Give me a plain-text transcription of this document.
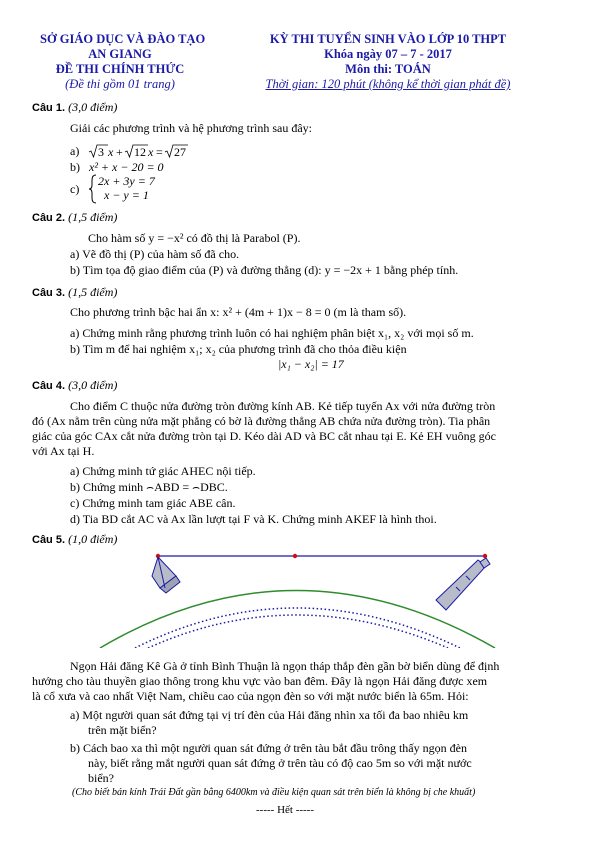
SỞ GIÁO DỤC VÀ ĐÀO TẠO
AN GIANG
ĐỀ THI CHÍNH THỨC
(Đề thi gồm 01 trang)
KỲ THI TUYỂN SINH VÀO LỚP 10 THPT
Khóa ngày 07 – 7 - 2017
Môn thi: TOÁN
Thời gian: 120 phút (không kể thời gian phát đề)
Câu 1. (3,0 điểm)
Giải các phương trình và hệ phương trình sau đây:
a) 3 x + 12 x = 27
b) x² + x − 20 = 0
c)
2x + 3y = 7
x − y = 1
Câu 2. (1,5 điểm)
Cho hàm số y = −x² có đồ thị là Parabol (P).
a) Vẽ đồ thị (P) của hàm số đã cho.
b) Tìm tọa độ giao điểm của (P) và đường thẳng (d): y = −2x + 1 bằng phép tính.
Câu 3. (1,5 điểm)
Cho phương trình bậc hai ẩn x: x² + (4m + 1)x − 8 = 0 (m là tham số).
a) Chứng minh rằng phương trình luôn có hai nghiệm phân biệt x₁, x₂ với mọi số m.
b) Tìm m để hai nghiệm x₁; x₂ của phương trình đã cho thỏa điều kiện
|x₁ − x₂| = 17
Câu 4. (3,0 điểm)
Cho điểm C thuộc nửa đường tròn đường kính AB. Kẻ tiếp tuyến Ax với nửa đường tròn
đó (Ax nằm trên cùng nửa mặt phẳng có bờ là đường thẳng AB chứa nửa đường tròn). Tia phân
giác của góc CAx cắt nửa đường tròn tại D. Kéo dài AD và BC cắt nhau tại E. Kẻ EH vuông góc
với Ax tại H.
a) Chứng minh tứ giác AHEC nội tiếp.
b) Chứng minh ⌢ABD = ⌢DBC.
c) Chứng minh tam giác ABE cân.
d) Tia BD cắt AC và Ax lần lượt tại F và K. Chứng minh AKEF là hình thoi.
Câu 5. (1,0 điểm)
Ngọn Hải đăng Kê Gà ở tỉnh Bình Thuận là ngọn tháp thắp đèn gần bờ biển dùng để định
hướng cho tàu thuyền giao thông trong khu vực vào ban đêm. Đây là ngọn Hải đăng được xem
là cổ xưa và cao nhất Việt Nam, chiều cao của ngọn đèn so với mặt nước biển là 65m. Hỏi:
a) Một người quan sát đứng tại vị trí đèn của Hải đăng nhìn xa tối đa bao nhiêu km
trên mặt biển?
b) Cách bao xa thì một người quan sát đứng ở trên tàu bắt đầu trông thấy ngọn đèn
này, biết rằng mắt người quan sát đứng ở trên tàu có độ cao 5m so với mặt nước
biển?
(Cho biết bán kính Trái Đất gần bằng 6400km và điều kiện quan sát trên biển là không bị che khuất)
----- Hết -----
